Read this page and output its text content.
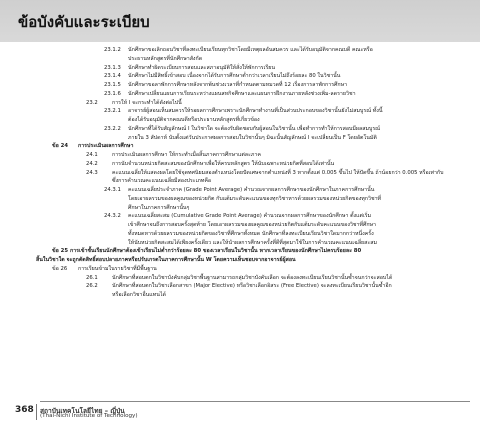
ข้อบังคับและระเบียบ
23.1.2 นักศึกษาขอเลิกถอนวิชาที่ลงทะเบียนเรียนทุกวิชาโดยมีเหตุผลอันสมควร และได้รับอนุมัติจากคณบดี คณะหรือ
ประธานหลักสูตรที่นักศึกษาสังกัด
23.1.3 นักศึกษาทำผิดระเบียบการสอบและสภาอนุมัติให้สั่งให้พักการเรียน
23.1.4 นักศึกษาไม่มีสิทธิ์เข้าสอบ เนื่องจากได้รับการศึกษาต่ำกว่าเวลาเรียนไม่ถึงร้อยละ 80 ในวิชานั้น
23.1.5 นักศึกษาขอลาพักการศึกษาหลังจากพ้นช่วงเวลาที่กำหนดตามหมวดที่ 12 เรื่องการลาพักการศึกษา
23.1.6 นักศึกษาเปลี่ยนแผนการเรียนระหว่างแผนสหกิจศึกษาและแผนการฝึกงานภายหลังช่วงเพิ่ม-ลดรายวิชา
23.2	การให้ I จะกระทำได้ดังต่อไปนี้
23.2.1 อาจารย์ผู้สอนเห็นสมควรให้รอผลการศึกษาเพราะนักศึกษาทำงานที่เป็นส่วนประกอบของวิชานั้นยังไม่สมบูรณ์ ทั้งนี้
ต้องได้รับอนุมัติจากคณบดีหรือประธานหลักสูตรที่เกี่ยวข้อง
23.2.2 นักศึกษาที่ได้รับสัญลักษณ์ I ในวิชาใด จะต้องรับผิดชอบกับผู้สอนในวิชานั้น เพื่อทำการทำให้การสอบมีผลสมบูรณ์
ภายใน 3 สัปดาห์ นับตั้งแต่วันประกาศผลการสอบในวิชานั้นๆ มิฉะนั้นสัญลักษณ์ I จะเปลี่ยนเป็น F โดยอัตโนมัติ
ข้อ 24 การประเมินผลการศึกษา
24.1	การประเมินผลการศึกษา ให้กระทำเมื่อสิ้นภาคการศึกษาแต่ละภาค
24.2	การนับจำนวนหน่วยกิตสะสมของนักศึกษาเพื่อให้ครบหลักสูตร ให้นับเฉพาะหน่วยกิตที่สอบได้เท่านั้น
24.3	คะแนนเฉลี่ยให้แสดงผลโดยใช้จุดทศนิยมสองตำแหน่งโดยปัดเศษจากตำแหน่งที่ 3 หากตั้งแต่ 0.005 ขึ้นไป ให้ปัดขึ้น ถ้าน้อยกว่า 0.005 หรือเท่ากับ
ซึ่งการคำนวณคะแนนเฉลี่ยมีสองประเภทคือ
24.3.1 คะแนนเฉลี่ยประจำภาค (Grade Point Average) คำนวณจากผลการศึกษาของนักศึกษาในภาคการศึกษานั้น
โดยเอาผลรวมของผลคูณของหน่วยกิต กับแต้มระดับคะแนนของทุกวิชาหารด้วยผลรวมของหน่วยกิตของทุกวิชาที่
ศึกษาในภาคการศึกษานั้นๆ
24.3.2 คะแนนเฉลี่ยสะสม (Cumulative Grade Point Average) คำนวณจากผลการศึกษาของนักศึกษา ตั้งแต่เริ่ม
เข้าศึกษาจนถึงการสอบครั้งสุดท้าย โดยเอาผลรวมของผลคูณของหน่วยกิตกับแต้มระดับคะแนนของวิชาที่ศึกษา
ทั้งหมดหารด้วยผลรวมของหน่วยกิตของวิชาที่ศึกษาทั้งหมด นักศึกษาที่ลงทะเบียนเรียนวิชาใดมากกว่าหนึ่งครั้ง
ให้นับหน่วยกิตสะสมได้เพียงครั้งเดียว และให้นำผลการศึกษาครั้งที่ดีที่สุดมาใช้ในการคำนวณคะแนนเฉลี่ยสะสม
ข้อ 25 การเข้าชั้นเรียนนักศึกษาต้องเข้าเรียนไม่ต่ำกว่าร้อยละ 80 ของเวลาเรียนในวิชานั้น หากเวลาเรียนของนักศึกษาไม่ครบร้อยละ 80
สิ้นในวิชาใด จะถูกตัดสิทธิ์สอบปลายภาคหรือปรับเกรดในภาคการศึกษานั้น W โดยความเห็นชอบจากอาจารย์ผู้สอน
ข้อ 26 การเรียนข้ามในรายวิชาที่มีพื้นฐาน
26.1	นักศึกษาที่สอบตกในวิชาบังคับกลุ่มวิชาพื้นฐานสามารถกลุ่มวิชาบังคับเลือก จะต้องลงทะเบียนเรียนวิชานั้นซ้ำจนกว่าจะสอบได้
26.2	นักศึกษาที่สอบตกในวิชาเลือกสาขา (Major Elective) หรือวิชาเลือกอิสระ (Free Elective) จะลงทะเบียนเรียนวิชานั้นซ้ำอีก
หรือเลือกวิชาอื่นแทนได้
368 สถาบันเทคโนโลยีไทย – ญี่ปุ่น
(Thai-Nichi Institute of Technology)
